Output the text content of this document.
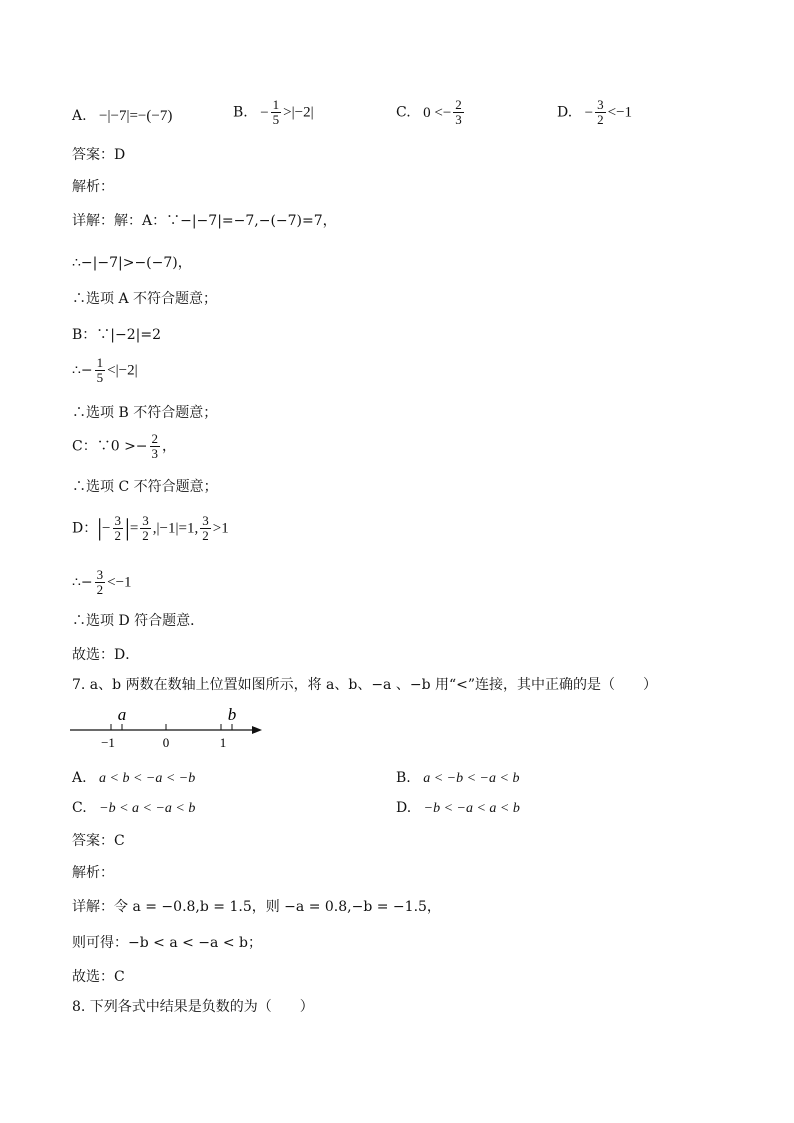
A. −|−7|=−(−7)	B. − $\frac{1}{5} >|-2|$	C. $0 <- \frac{2}{3}$	D. − $\frac{3}{2} <-1$
答案：D
解析：
详解：解：A：∵−|−7|=−7,−(−7)=7，
∴−|−7|>−(−7)，
∴选项 A 不符合题意；
B：∵|−2|=2
∴− $\frac{1}{5} <|-2|$
∴选项 B 不符合题意；
C：∵0 >− $\frac{2}{3}$ ，
∴选项 C 不符合题意；
D：|− $\frac{3}{2}$ |= $\frac{3}{2} ,|-1|=1$, $\frac{3}{2} >1$
∴− $\frac{3}{2} <-1$
∴选项 D 符合题意．
故选：D．
7. a、b 两数在数轴上位置如图所示，将 a、b、−a 、−b 用“<”连接，其中正确的是（　　）
a	b
−1	0	1
A. a < b < −a < −b	B. a < −b < −a < b
C. −b < a < −a < b	D. −b < −a < a < b
答案：C
解析：
详解：令 a = −0.8,b = 1.5，则 −a = 0.8,−b = −1.5，
则可得：−b < a < −a < b；
故选：C
8. 下列各式中结果是负数的为（　　）
